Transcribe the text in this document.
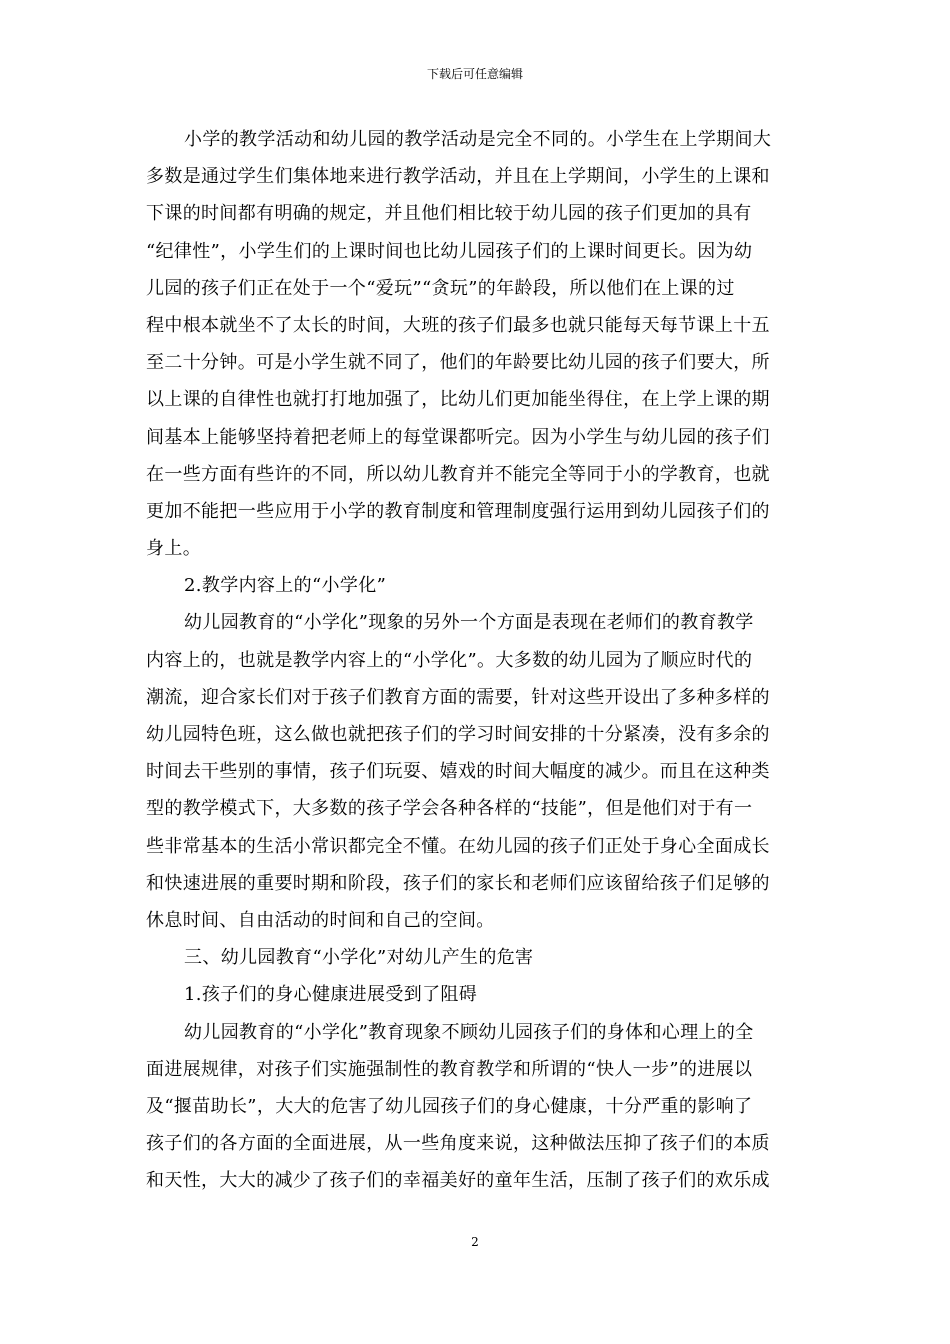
下载后可任意编辑
小学的教学活动和幼儿园的教学活动是完全不同的。小学生在上学期间大
多数是通过学生们集体地来进行教学活动，并且在上学期间，小学生的上课和
下课的时间都有明确的规定，并且他们相比较于幼儿园的孩子们更加的具有
“纪律性”，小学生们的上课时间也比幼儿园孩子们的上课时间更长。因为幼
儿园的孩子们正在处于一个“爱玩”“贪玩”的年龄段，所以他们在上课的过
程中根本就坐不了太长的时间，大班的孩子们最多也就只能每天每节课上十五
至二十分钟。可是小学生就不同了，他们的年龄要比幼儿园的孩子们要大，所
以上课的自律性也就打打地加强了，比幼儿们更加能坐得住，在上学上课的期
间基本上能够坚持着把老师上的每堂课都听完。因为小学生与幼儿园的孩子们
在一些方面有些许的不同，所以幼儿教育并不能完全等同于小的学教育，也就
更加不能把一些应用于小学的教育制度和管理制度强行运用到幼儿园孩子们的
身上。
2.教学内容上的“小学化”
幼儿园教育的“小学化”现象的另外一个方面是表现在老师们的教育教学
内容上的，也就是教学内容上的“小学化”。大多数的幼儿园为了顺应时代的
潮流，迎合家长们对于孩子们教育方面的需要，针对这些开设出了多种多样的
幼儿园特色班，这么做也就把孩子们的学习时间安排的十分紧凑，没有多余的
时间去干些别的事情，孩子们玩耍、嬉戏的时间大幅度的减少。而且在这种类
型的教学模式下，大多数的孩子学会各种各样的“技能”，但是他们对于有一
些非常基本的生活小常识都完全不懂。在幼儿园的孩子们正处于身心全面成长
和快速进展的重要时期和阶段，孩子们的家长和老师们应该留给孩子们足够的
休息时间、自由活动的时间和自己的空间。
三、幼儿园教育“小学化”对幼儿产生的危害
1.孩子们的身心健康进展受到了阻碍
幼儿园教育的“小学化”教育现象不顾幼儿园孩子们的身体和心理上的全
面进展规律，对孩子们实施强制性的教育教学和所谓的“快人一步”的进展以
及“揠苗助长”，大大的危害了幼儿园孩子们的身心健康，十分严重的影响了
孩子们的各方面的全面进展，从一些角度来说，这种做法压抑了孩子们的本质
和天性，大大的减少了孩子们的幸福美好的童年生活，压制了孩子们的欢乐成
2
